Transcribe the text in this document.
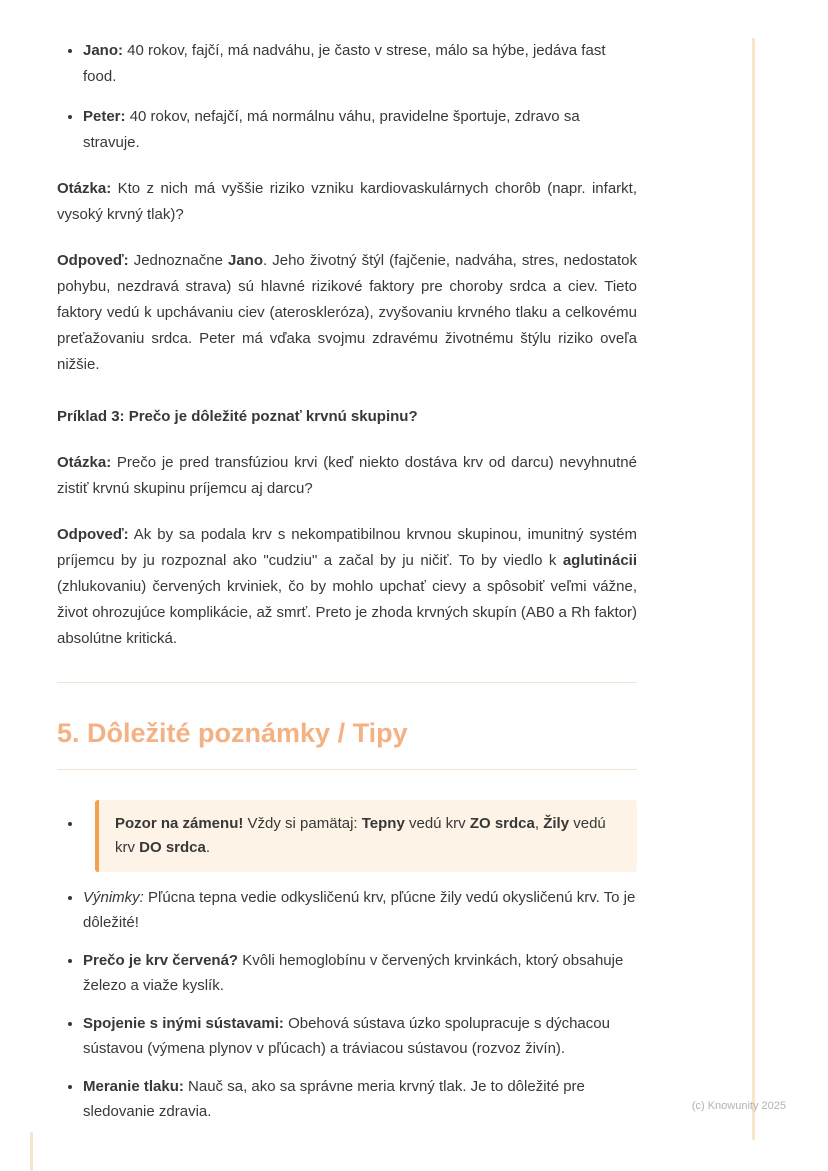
• Jano: 40 rokov, fajčí, má nadváhu, je často v strese, málo sa hýbe, jedáva fast food.
• Peter: 40 rokov, nefajčí, má normálnu váhu, pravidelne športuje, zdravo sa stravuje.

Otázka: Kto z nich má vyššie riziko vzniku kardiovaskulárnych chorôb (napr. infarkt, vysoký krvný tlak)?

Odpoveď: Jednoznačne Jano. Jeho životný štýl (fajčenie, nadváha, stres, nedostatok pohybu, nezdravá strava) sú hlavné rizikové faktory pre choroby srdca a ciev. Tieto faktory vedú k upchávaniu ciev (ateroskleróza), zvyšovaniu krvného tlaku a celkovému preťažovaniu srdca. Peter má vďaka svojmu zdravému životnému štýlu riziko oveľa nižšie.

Príklad 3: Prečo je dôležité poznať krvnú skupinu?

Otázka: Prečo je pred transfúziou krvi (keď niekto dostáva krv od darcu) nevyhnutné zistiť krvnú skupinu príjemcu aj darcu?

Odpoveď: Ak by sa podala krv s nekompatibilnou krvnou skupinou, imunitný systém príjemcu by ju rozpoznal ako "cudziu" a začal by ju ničiť. To by viedlo k aglutinácii (zhlukovaniu) červených krviniek, čo by mohlo upchať cievy a spôsobiť veľmi vážne, život ohrozujúce komplikácie, až smrť. Preto je zhoda krvných skupín (AB0 a Rh faktor) absolútne kritická.

5. Dôležité poznámky / Tipy
• Pozor na zámenu! Vždy si pamätaj: Tepny vedú krv ZO srdca, Žily vedú krv DO srdca.
• Výnimky: Pľúcna tepna vedie odkysličenú krv, pľúcne žily vedú okysličenú krv. To je dôležité!
• Prečo je krv červená? Kvôli hemoglobínu v červených krvinkách, ktorý obsahuje železo a viaže kyslík.
• Spojenie s inými sústavami: Obehová sústava úzko spolupracuje s dýchacou sústavou (výmena plynov v pľúcach) a tráviacou sústavou (rozvoz živín).
• Meranie tlaku: Nauč sa, ako sa správne meria krvný tlak. Je to dôležité pre sledovanie zdravia.	(c) Knowunity 2025
